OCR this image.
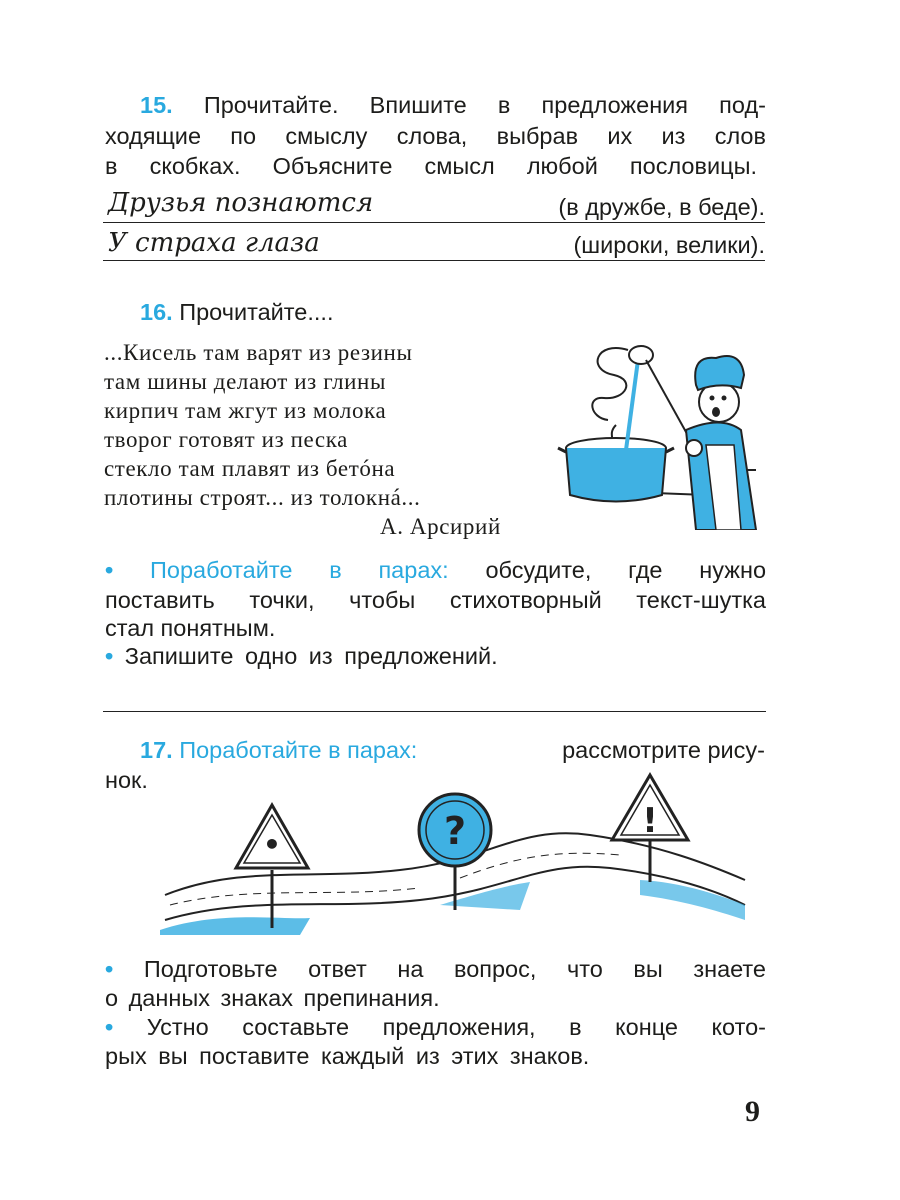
15. Прочитайте. Впишите в предложения под-
ходящие по смыслу слова, выбрав их из слов
в скобках. Объясните смысл любой пословицы.
Друзья познаются	(в дружбе, в беде).
У страха глаза	(широки, велики).
16. Прочитайте....
...Кисель там варят из резины
там шины делают из глины
кирпич там жгут из молока
творог готовят из песка
стекло там плавят из бетóна
плотины строят... из толокнá...
А. Арсирий
• Поработайте в парах: обсудите, где нужно
поставить точки, чтобы стихотворный текст-шутка
стал понятным.
• Запишите одно из предложений.
17. Поработайте в парах:	рассмотрите рису-
нок.
•	?	!
• Подготовьте ответ на вопрос, что вы знаете
о данных знаках препинания.
• Устно составьте предложения, в конце кото-
рых вы поставите каждый из этих знаков.
9
